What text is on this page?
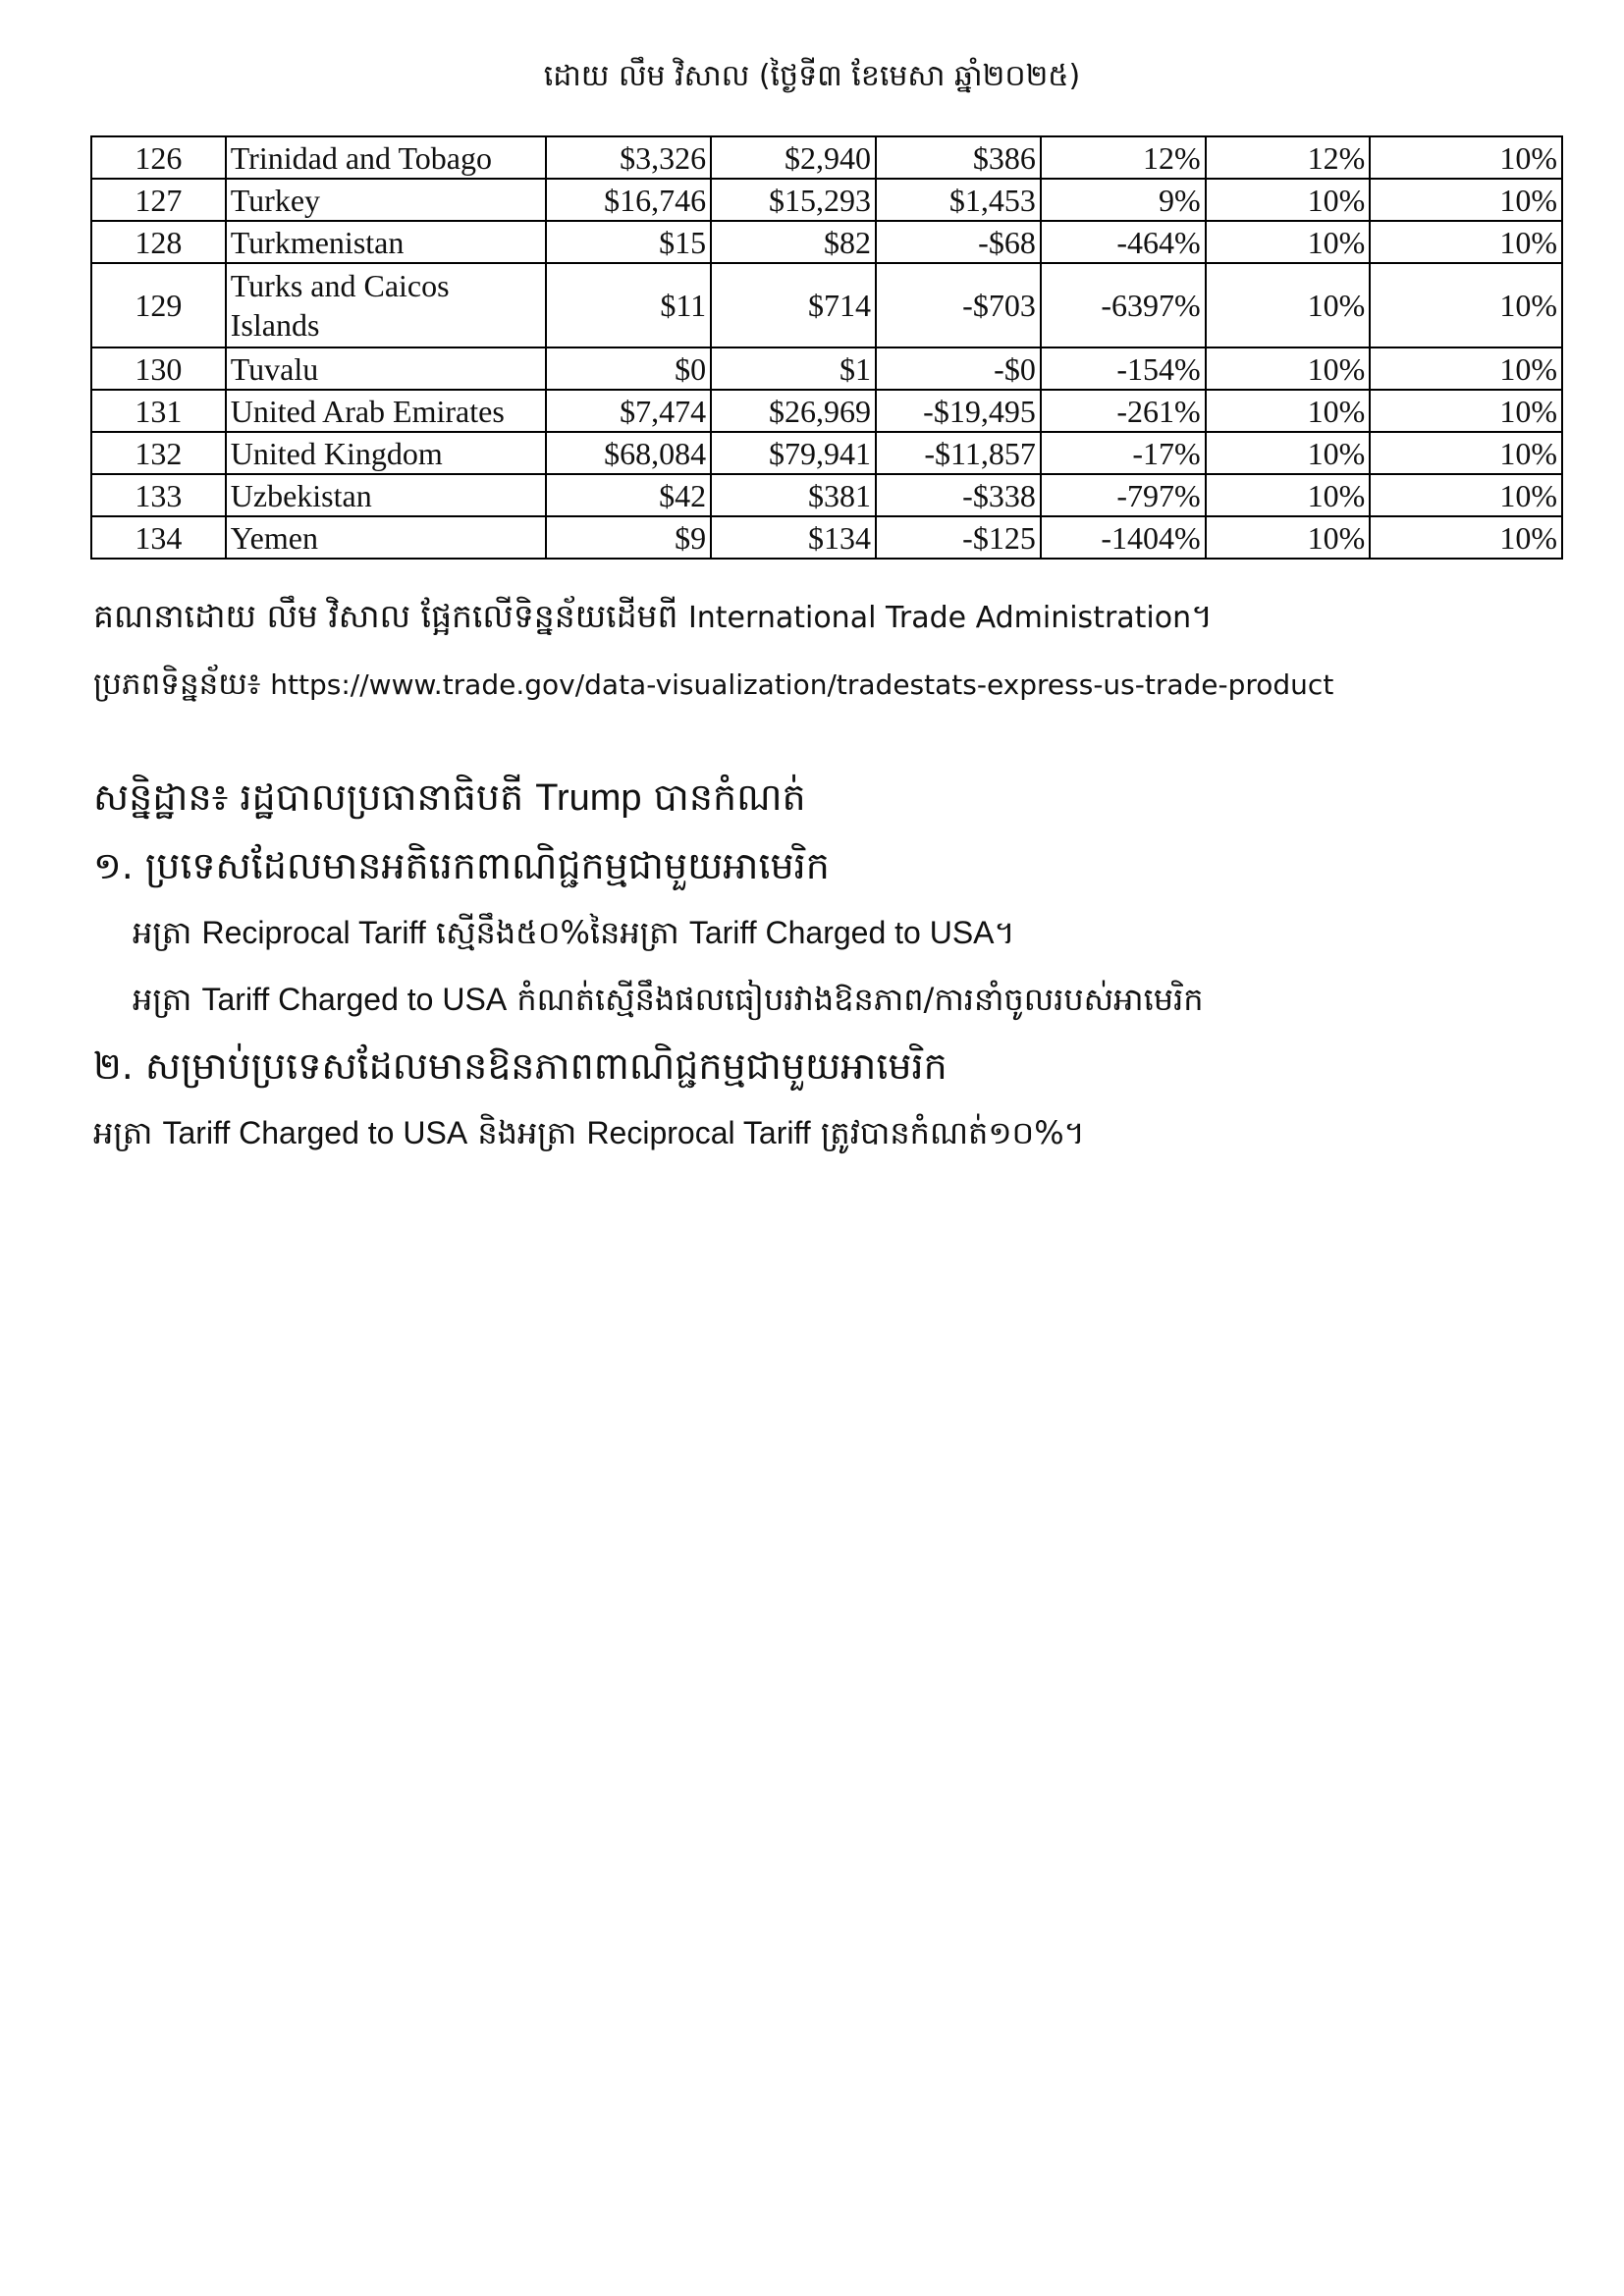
ដោយ លឹម វិសាល (ថ្ងៃទី៣ ខែមេសា ឆ្នាំ២០២៥)
126	Trinidad and Tobago	$3,326	$2,940	$386	12%	12%	10%
127	Turkey	$16,746	$15,293	$1,453	9%	10%	10%
128	Turkmenistan	$15	$82	-$68	-464%	10%	10%
129	Turks and Caicos Islands	$11	$714	-$703	-6397%	10%	10%
130	Tuvalu	$0	$1	-$0	-154%	10%	10%
131	United Arab Emirates	$7,474	$26,969	-$19,495	-261%	10%	10%
132	United Kingdom	$68,084	$79,941	-$11,857	-17%	10%	10%
133	Uzbekistan	$42	$381	-$338	-797%	10%	10%
134	Yemen	$9	$134	-$125	-1404%	10%	10%
គណនាដោយ លឹម វិសាល ផ្អែកលើទិន្នន័យដើមពី International Trade Administration។
ប្រភពទិន្នន័យ៖ https://www.trade.gov/data-visualization/tradestats-express-us-trade-product
សន្និដ្ឋាន៖ រដ្ឋបាលប្រធានាធិបតី Trump បានកំណត់
១. ប្រទេសដែលមានអតិរេកពាណិជ្ជកម្មជាមួយអាមេរិក
អត្រា Reciprocal Tariff ស្មើនឹង៥០%នៃអត្រា Tariff Charged to USA។
អត្រា Tariff Charged to USA កំណត់ស្មើនឹងផលធៀបរវាងឱនភាព/ការនាំចូលរបស់អាមេរិក
២. សម្រាប់ប្រទេសដែលមានឱនភាពពាណិជ្ជកម្មជាមួយអាមេរិក
អត្រា Tariff Charged to USA និងអត្រា Reciprocal Tariff ត្រូវបានកំណត់១០%។
